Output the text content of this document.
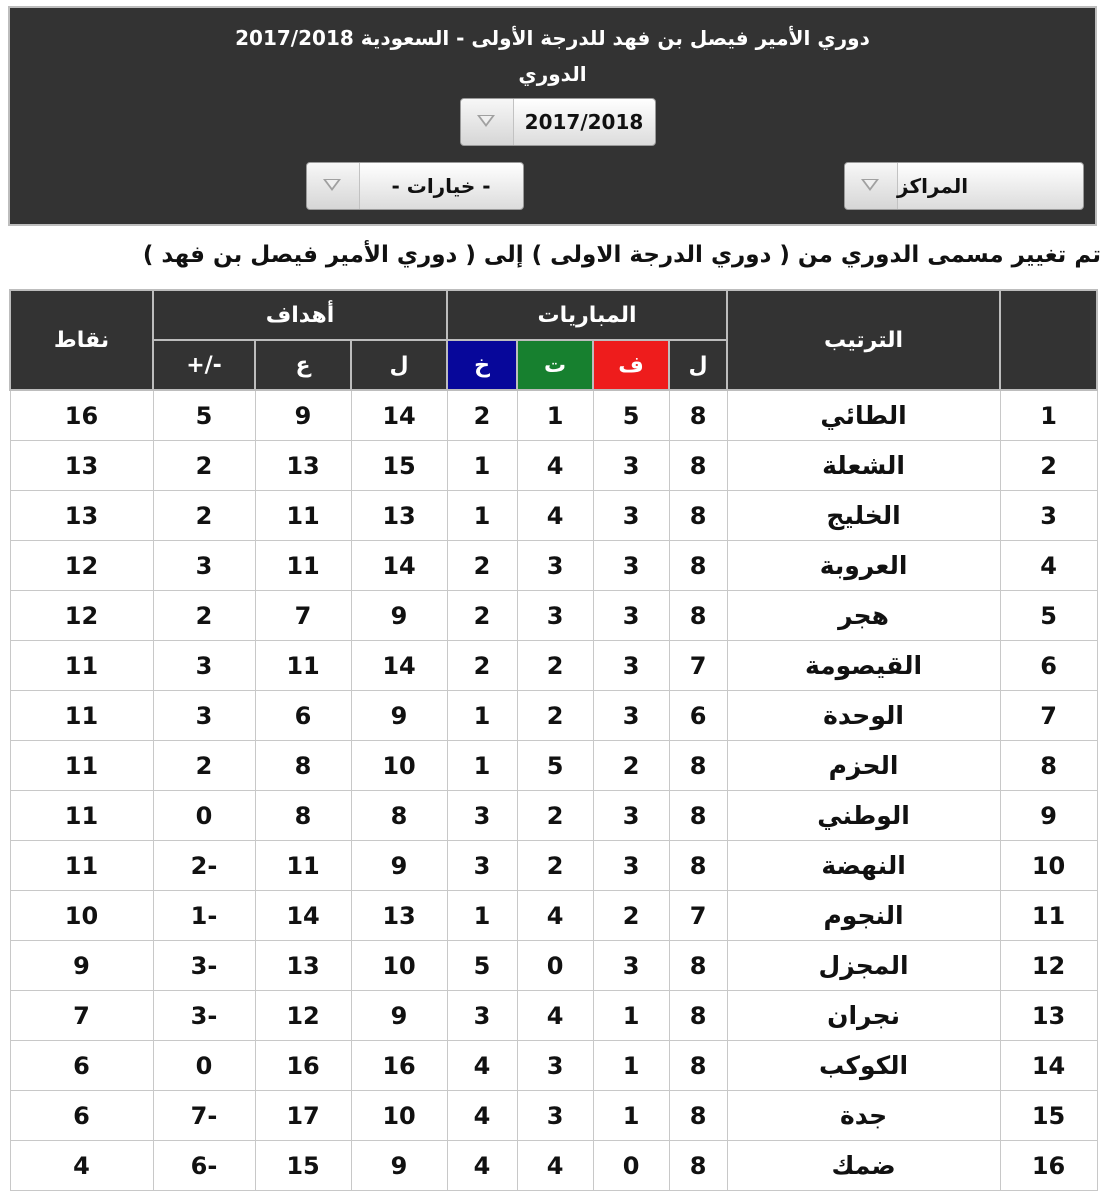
دوري الأمير فيصل بن فهد للدرجة الأولى - السعودية 2017/2018
الدوري
2017/2018
- خيارات -	المراكز
تم تغيير مسمى الدوري من ( دوري الدرجة الاولى ) إلى ( دوري الأمير فيصل بن فهد )
	الترتيب	المباريات				أهداف			نقاط
		ل	ف	ت	خ	ل	ع	+/-	
1	الطائي	8	5	1	2	14	9	5	16
2	الشعلة	8	3	4	1	15	13	2	13
3	الخليج	8	3	4	1	13	11	2	13
4	العروبة	8	3	3	2	14	11	3	12
5	هجر	8	3	3	2	9	7	2	12
6	القيصومة	7	3	2	2	14	11	3	11
7	الوحدة	6	3	2	1	9	6	3	11
8	الحزم	8	2	5	1	10	8	2	11
9	الوطني	8	3	2	3	8	8	0	11
10	النهضة	8	3	2	3	9	11	-2	11
11	النجوم	7	2	4	1	13	14	-1	10
12	المجزل	8	3	0	5	10	13	-3	9
13	نجران	8	1	4	3	9	12	-3	7
14	الكوكب	8	1	3	4	16	16	0	6
15	جدة	8	1	3	4	10	17	-7	6
16	ضمك	8	0	4	4	9	15	-6	4
